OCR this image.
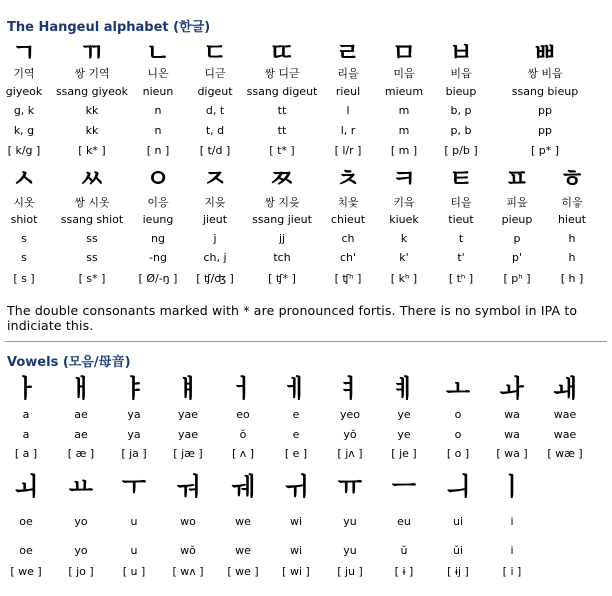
The Hangeul alphabet (한글)
ㄱ	ㄲ	ㄴ	ㄷ	ㄸ	ㄹ	ㅁ	ㅂ	ㅃ
기역	쌍 기역	니은	디귿	쌍 디귿	리을	미음	비읍	쌍 비읍
giyeok	ssang giyeok	nieun	digeut	ssang digeut	rieul	mieum	bieup	ssang bieup
g, k	kk	n	d, t	tt	l	m	b, p	pp
k, g	kk	n	t, d	tt	l, r	m	p, b	pp
[ k/g ]	[ k* ]	[ n ]	[ t/d ]	[ t* ]	[ l/r ]	[ m ]	[ p/b ]	[ p* ]
ㅅ	ㅆ	ㅇ	ㅈ	ㅉ	ㅊ	ㅋ	ㅌ	ㅍ	ㅎ
시옷	쌍 시옷	이응	지읒	쌍 지읒	치읓	키읔	티읕	피읖	히읗
shiot	ssang shiot	ieung	jieut	ssang jieut	chieut	kiuek	tieut	pieup	hieut
s	ss	ng	j	jj	ch	k	t	p	h
s	ss	-ng	ch, j	tch	ch'	k'	t'	p'	h
[ s ]	[ s* ]	[ Ø/-ŋ ]	[ ʧ/ʤ ]	[ ʧ* ]	[ ʧʰ ]	[ kʰ ]	[ tʰ ]	[ pʰ ]	[ h ]
ㅏ	ㅐ	ㅑ	ㅒ	ㅓ	ㅔ	ㅕ	ㅖ	ㅗ	ㅘ	ㅙ
a	ae	ya	yae	eo	e	yeo	ye	o	wa	wae
a	ae	ya	yae	ŏ	e	yŏ	ye	o	wa	wae
[ a ]	[ æ ]	[ ja ]	[ jæ ]	[ ʌ ]	[ e ]	[ jʌ ]	[ je ]	[ o ]	[ wa ]	[ wæ ]
ㅚ	ㅛ	ㅜ	ㅝ	ㅞ	ㅟ	ㅠ	ㅡ	ㅢ	ㅣ
oe	yo	u	wo	we	wi	yu	eu	ui	i
oe	yo	u	wŏ	we	wi	yu	ŭ	ŭi	i
[ we ]	[ jo ]	[ u ]	[ wʌ ]	[ we ]	[ wi ]	[ ju ]	[ ɨ ]	[ ɨj ]	[ i ]
The double consonants marked with * are pronounced fortis. There is no symbol in IPA to indiciate this.
Vowels (모음/母音)
